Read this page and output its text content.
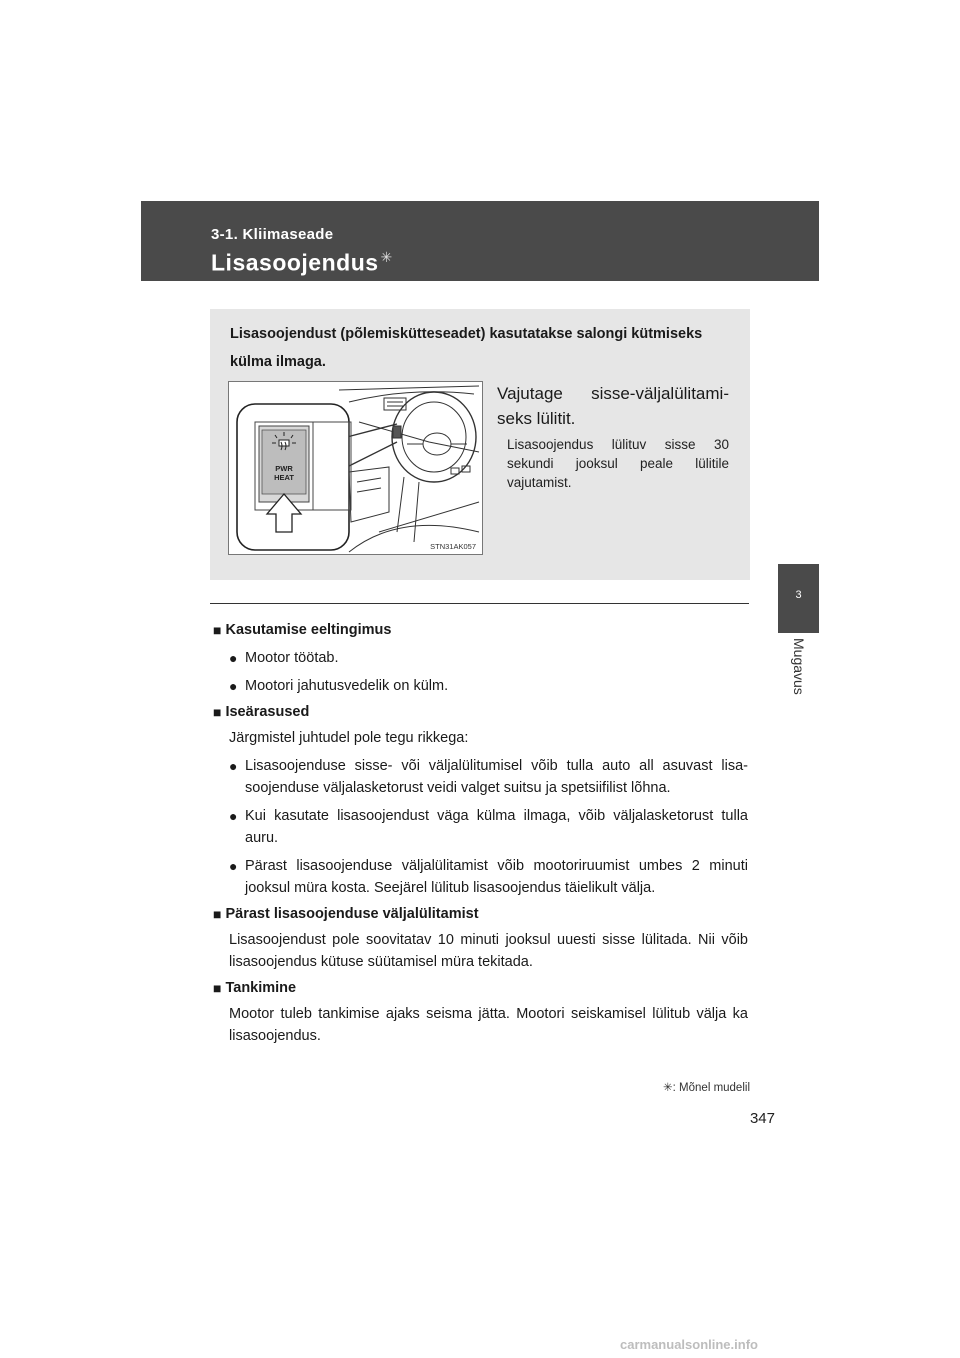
3-1. Kliimaseade
Lisasoojendus ✳
3
Mugavus
Lisasoojendust (põlemiskütteseadet) kasutatakse salongi kütmiseks külma ilmaga.
PWR
HEAT
STN31AK057
Vajutage sisse-väljalülitami-seks lülitit.
Lisasoojendus lülituv sisse 30 sekundi jooksul peale lülitile vajutamist.
■ Kasutamise eeltingimus
● Mootor töötab.
● Mootori jahutusvedelik on külm.
■ Iseärasused
Järgmistel juhtudel pole tegu rikkega:
● Lisasoojenduse sisse- või väljalülitumisel võib tulla auto all asuvast lisa-soojenduse väljalasketorust veidi valget suitsu ja spetsiifilist lõhna.
● Kui kasutate lisasoojendust väga külma ilmaga, võib väljalasketorust tulla auru.
● Pärast lisasoojenduse väljalülitamist võib mootoriruumist umbes 2 minuti jooksul müra kosta. Seejärel lülitub lisasoojendus täielikult välja.
■ Pärast lisasoojenduse väljalülitamist
Lisasoojendust pole soovitatav 10 minuti jooksul uuesti sisse lülitada. Nii võib lisasoojendus kütuse süütamisel müra tekitada.
■ Tankimine
Mootor tuleb tankimise ajaks seisma jätta. Mootori seiskamisel lülitub välja ka lisasoojendus.
✳: Mõnel mudelil
347
carmanualsonline.info
